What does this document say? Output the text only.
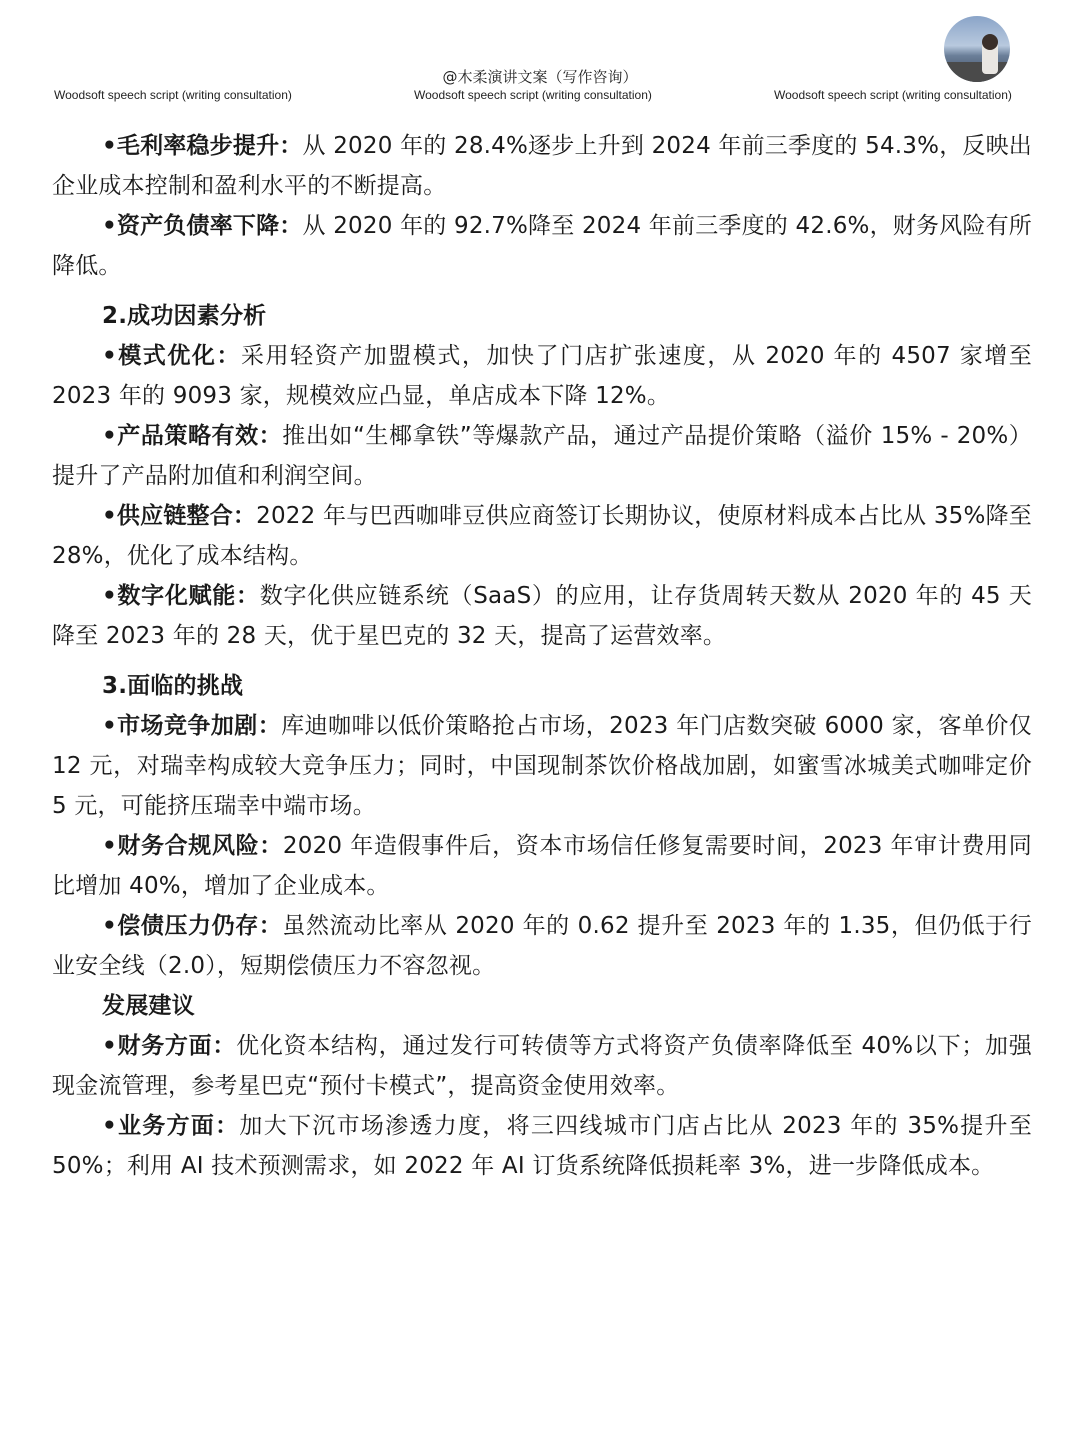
@木柔演讲文案（写作咨询）
Woodsoft speech script (writing consultation)	Woodsoft speech script (writing consultation)	Woodsoft speech script (writing consultation)

•毛利率稳步提升：从 2020 年的 28.4%逐步上升到 2024 年前三季度的 54.3%，反映出企业成本控制和盈利水平的不断提高。

•资产负债率下降：从 2020 年的 92.7%降至 2024 年前三季度的 42.6%，财务风险有所降低。

2.成功因素分析

•模式优化：采用轻资产加盟模式，加快了门店扩张速度，从 2020 年的 4507 家增至 2023 年的 9093 家，规模效应凸显，单店成本下降 12%。

•产品策略有效：推出如“生椰拿铁”等爆款产品，通过产品提价策略（溢价 15% - 20%）提升了产品附加值和利润空间。

•供应链整合：2022 年与巴西咖啡豆供应商签订长期协议，使原材料成本占比从 35%降至 28%，优化了成本结构。

•数字化赋能：数字化供应链系统（SaaS）的应用，让存货周转天数从 2020 年的 45 天降至 2023 年的 28 天，优于星巴克的 32 天，提高了运营效率。

3.面临的挑战

•市场竞争加剧：库迪咖啡以低价策略抢占市场，2023 年门店数突破 6000 家，客单价仅 12 元，对瑞幸构成较大竞争压力；同时，中国现制茶饮价格战加剧，如蜜雪冰城美式咖啡定价 5 元，可能挤压瑞幸中端市场。

•财务合规风险：2020 年造假事件后，资本市场信任修复需要时间，2023 年审计费用同比增加 40%，增加了企业成本。

•偿债压力仍存：虽然流动比率从 2020 年的 0.62 提升至 2023 年的 1.35，但仍低于行业安全线（2.0），短期偿债压力不容忽视。

发展建议

•财务方面：优化资本结构，通过发行可转债等方式将资产负债率降低至 40%以下；加强现金流管理，参考星巴克“预付卡模式”，提高资金使用效率。

•业务方面：加大下沉市场渗透力度，将三四线城市门店占比从 2023 年的 35%提升至 50%；利用 AI 技术预测需求，如 2022 年 AI 订货系统降低损耗率 3%，进一步降低成本。
